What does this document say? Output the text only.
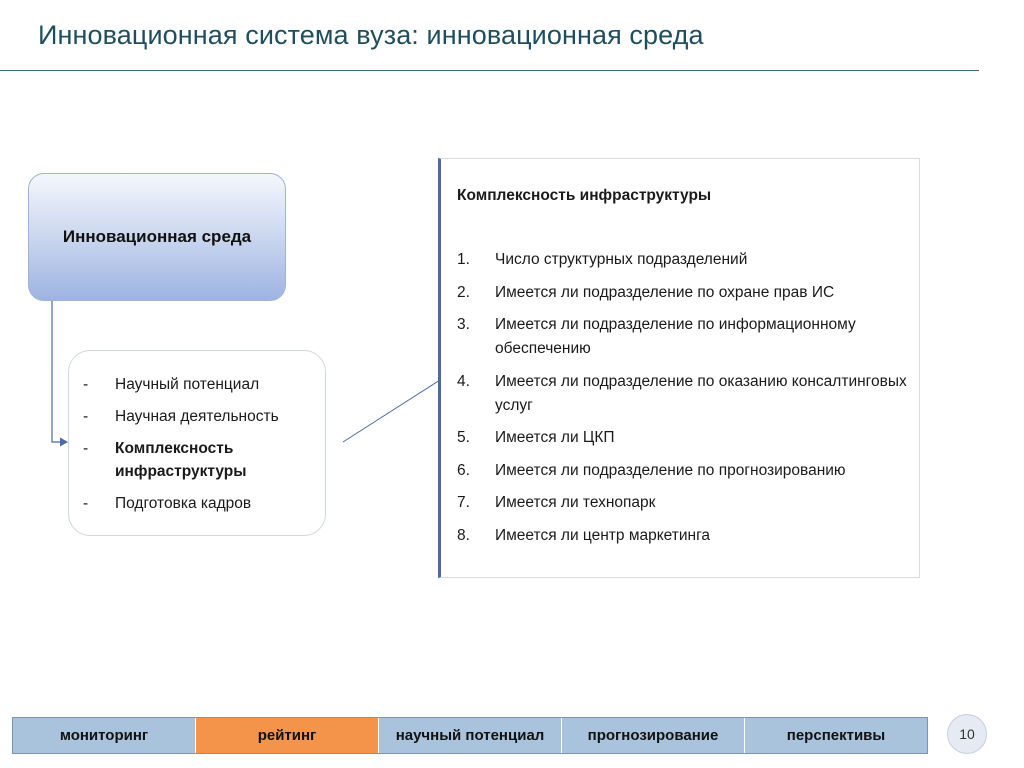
Инновационная система вуза: инновационная среда
Инновационная среда
-	Научный потенциал
-	Научная деятельность
-	Комплексность инфраструктуры
-	Подготовка кадров
Комплексность инфраструктуры
1.	Число структурных подразделений
2.	Имеется ли подразделение по охране прав ИС
3.	Имеется ли подразделение по информационному обеспечению
4.	Имеется ли подразделение по оказанию консалтинговых услуг
5.	Имеется ли ЦКП
6.	Имеется ли подразделение по прогнозированию
7.	Имеется ли технопарк
8.	Имеется ли центр маркетинга
мониторинг	рейтинг	научный потенциал	прогнозирование	перспективы	10
